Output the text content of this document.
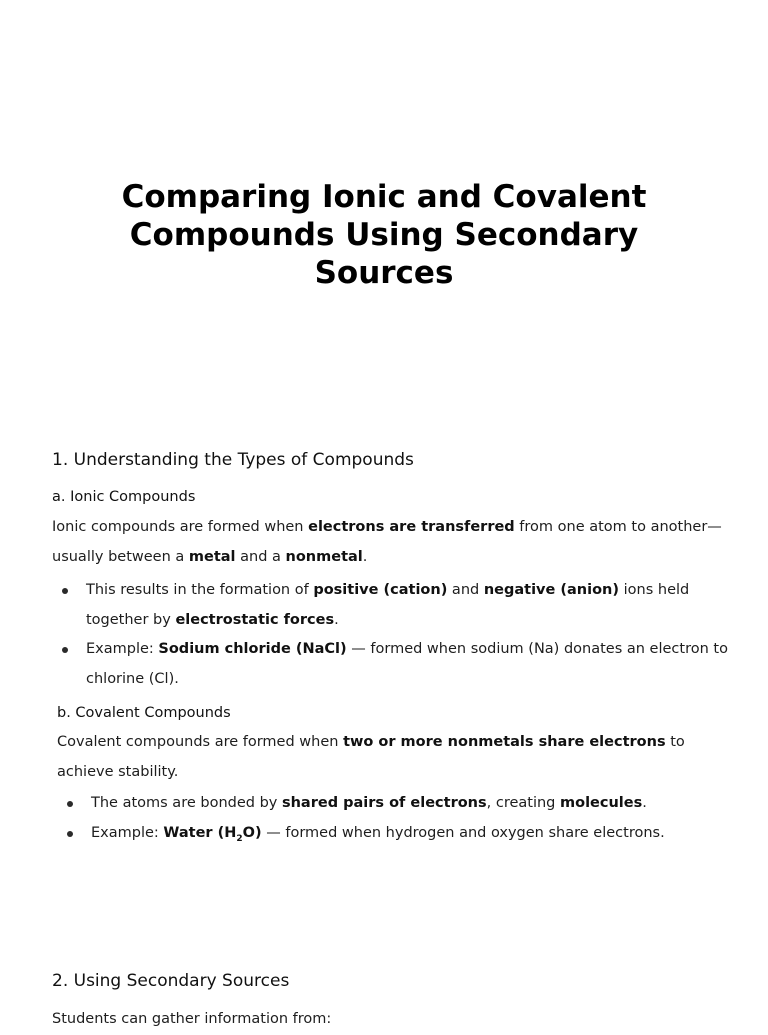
Comparing Ionic and Covalent Compounds Using Secondary Sources
1. Understanding the Types of Compounds
a. Ionic Compounds

Ionic compounds are formed when electrons are transferred from one atom to another—usually between a metal and a nonmetal.

This results in the formation of positive (cation) and negative (anion) ions held together by electrostatic forces.
Example: Sodium chloride (NaCl) — formed when sodium (Na) donates an electron to chlorine (Cl).
b. Covalent Compounds

Covalent compounds are formed when two or more nonmetals share electrons to achieve stability.

The atoms are bonded by shared pairs of electrons, creating molecules.
Example: Water $(H_2O)$ — formed when hydrogen and oxygen share electrons.
2. Using Secondary Sources

Students can gather information from:
